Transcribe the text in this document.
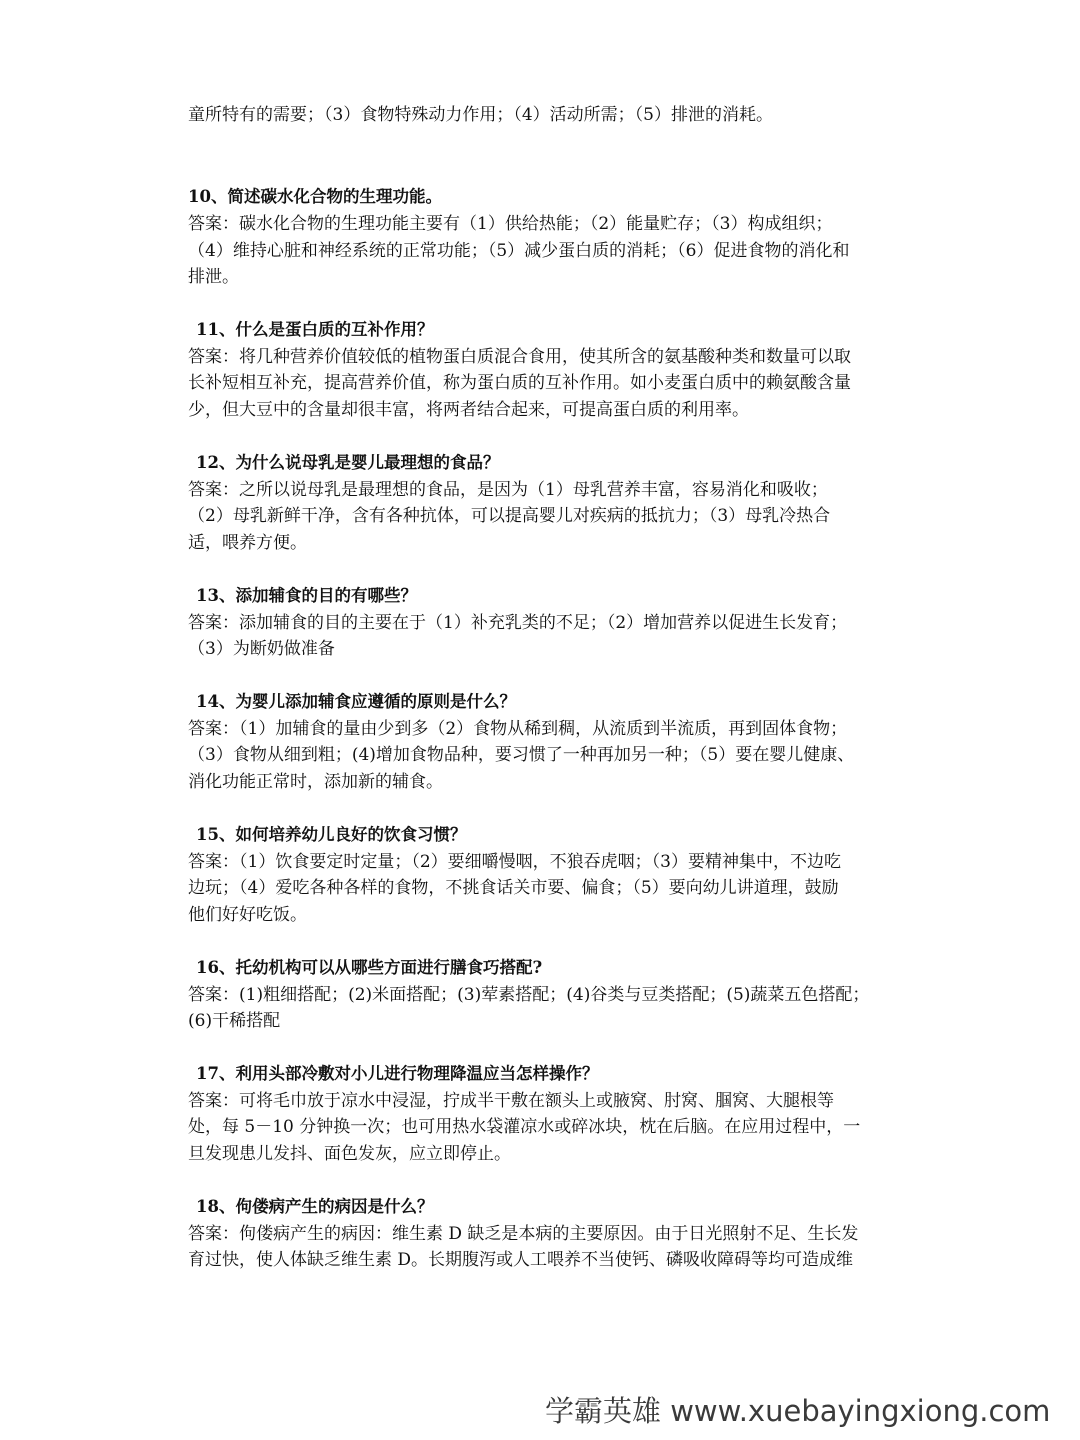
童所特有的需要；（3）食物特殊动力作用；（4）活动所需；（5）排泄的消耗。
10、简述碳水化合物的生理功能。
答案：碳水化合物的生理功能主要有（1）供给热能；（2）能量贮存；（3）构成组织；
（4）维持心脏和神经系统的正常功能；（5）减少蛋白质的消耗；（6）促进食物的消化和
排泄。
11、什么是蛋白质的互补作用？
答案：将几种营养价值较低的植物蛋白质混合食用，使其所含的氨基酸种类和数量可以取
长补短相互补充，提高营养价值，称为蛋白质的互补作用。如小麦蛋白质中的赖氨酸含量
少，但大豆中的含量却很丰富，将两者结合起来，可提高蛋白质的利用率。
12、为什么说母乳是婴儿最理想的食品？
答案：之所以说母乳是最理想的食品，是因为（1）母乳营养丰富，容易消化和吸收；
（2）母乳新鲜干净，含有各种抗体，可以提高婴儿对疾病的抵抗力；（3）母乳冷热合
适，喂养方便。
13、添加辅食的目的有哪些？
答案：添加辅食的目的主要在于（1）补充乳类的不足；（2）增加营养以促进生长发育；
（3）为断奶做准备
14、为婴儿添加辅食应遵循的原则是什么？
答案：（1）加辅食的量由少到多（2）食物从稀到稠，从流质到半流质，再到固体食物；
（3）食物从细到粗；(4)增加食物品种，要习惯了一种再加另一种；（5）要在婴儿健康、
消化功能正常时，添加新的辅食。
15、如何培养幼儿良好的饮食习惯？
答案：（1）饮食要定时定量；（2）要细嚼慢咽，不狼吞虎咽；（3）要精神集中，不边吃
边玩；（4）爱吃各种各样的食物，不挑食话关市要、偏食；（5）要向幼儿讲道理，鼓励
他们好好吃饭。
16、托幼机构可以从哪些方面进行膳食巧搭配?
答案：(1)粗细搭配；(2)米面搭配；(3)荤素搭配；(4)谷类与豆类搭配；(5)蔬菜五色搭配；
(6)干稀搭配
17、利用头部冷敷对小儿进行物理降温应当怎样操作？
答案：可将毛巾放于凉水中浸湿，拧成半干敷在额头上或腋窝、肘窝、腘窝、大腿根等
处，每 5－10 分钟换一次；也可用热水袋灌凉水或碎冰块，枕在后脑。在应用过程中，一
旦发现患儿发抖、面色发灰，应立即停止。
18、佝偻病产生的病因是什么？
答案：佝偻病产生的病因：维生素 D 缺乏是本病的主要原因。由于日光照射不足、生长发
育过快，使人体缺乏维生素 D。长期腹泻或人工喂养不当使钙、磷吸收障碍等均可造成维
学霸英雄 www.xuebayingxiong.com
